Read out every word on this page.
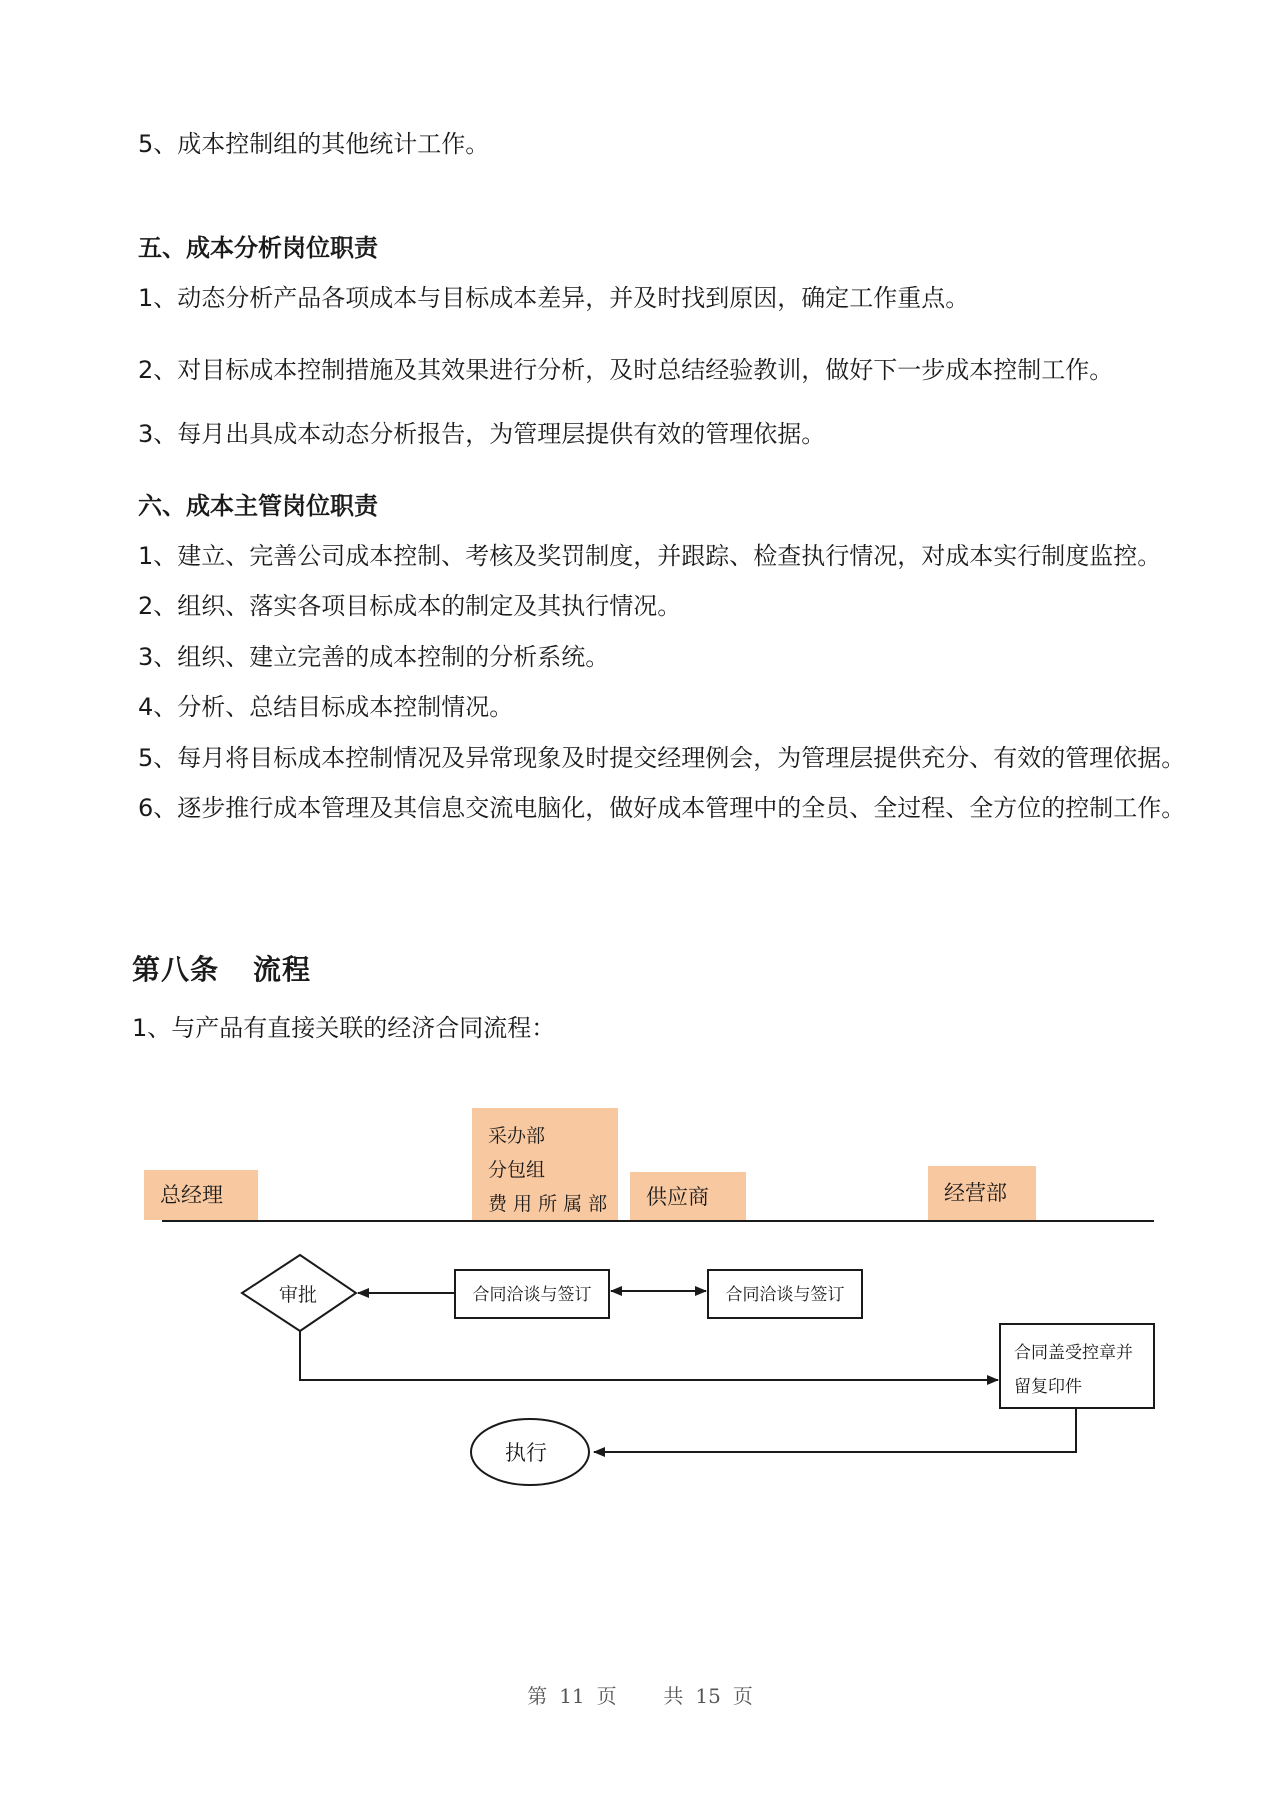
5、成本控制组的其他统计工作。
五、成本分析岗位职责
1、动态分析产品各项成本与目标成本差异，并及时找到原因，确定工作重点。
2、对目标成本控制措施及其效果进行分析，及时总结经验教训，做好下一步成本控制工作。
3、每月出具成本动态分析报告，为管理层提供有效的管理依据。
六、成本主管岗位职责
1、建立、完善公司成本控制、考核及奖罚制度，并跟踪、检查执行情况，对成本实行制度监控。
2、组织、落实各项目标成本的制定及其执行情况。
3、组织、建立完善的成本控制的分析系统。
4、分析、总结目标成本控制情况。
5、每月将目标成本控制情况及异常现象及时提交经理例会，为管理层提供充分、有效的管理依据。
6、逐步推行成本管理及其信息交流电脑化，做好成本管理中的全员、全过程、全方位的控制工作。
第八条 流程
1、与产品有直接关联的经济合同流程：
总经理
采办部
分包组
费 用 所 属 部 供应商	经营部
审批	合同洽谈与签订	合同洽谈与签订
合同盖受控章并
留复印件
执行
第 11 页 共 15 页
